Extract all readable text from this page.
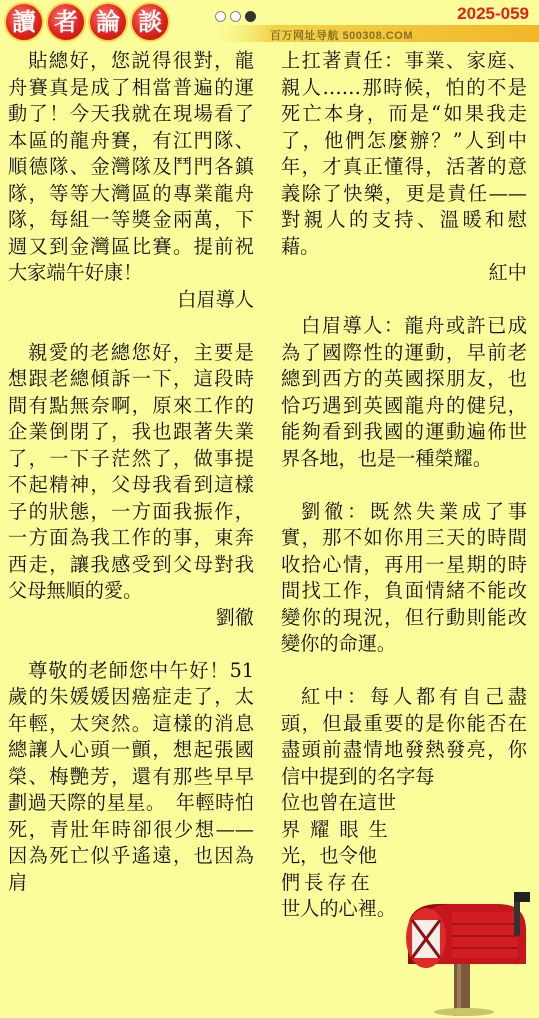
讀 者 論 談	2025-059
百万网址导航 500308.COM

貼總好，您説得很對，龍舟賽真是成了相當普遍的運動了！今天我就在現場看了本區的龍舟賽，有江門隊、順德隊、金灣隊及鬥門各鎮隊，等等大灣區的專業龍舟隊，每組一等獎金兩萬，下週又到金灣區比賽。提前祝大家端午好康！

白眉導人

親愛的老總您好，主要是想跟老總傾訴一下，這段時間有點無奈啊，原來工作的企業倒閉了，我也跟著失業了，一下子茫然了，做事提不起精神，父母我看到這樣子的狀態，一方面我振作，一方面為我工作的事，東奔西走，讓我感受到父母對我父母無順的愛。

劉徹

尊敬的老師您中午好！51歲的朱媛媛因癌症走了，太年輕，太突然。這樣的消息總讓人心頭一顫，想起張國榮、梅艷芳，還有那些早早劃過天際的星星。　年輕時怕死，青壯年時卻很少想——因為死亡似乎遙遠，也因為肩

上扛著責任：事業、家庭、親人……那時候，怕的不是死亡本身，而是“如果我走了，他們怎麼辦？”人到中年，才真正懂得，活著的意義除了快樂，更是責任——對親人的支持、溫暖和慰藉。

紅中

白眉導人：龍舟或許已成為了國際性的運動，早前老總到西方的英國探朋友，也恰巧遇到英國龍舟的健兒，能夠看到我國的運動遍佈世界各地，也是一種榮耀。

劉徹：既然失業成了事實，那不如你用三天的時間收拾心情，再用一星期的時間找工作，負面情緒不能改變你的現況，但行動則能改變你的命運。

紅中：每人都有自己盡頭，但最重要的是你能否在盡頭前盡情地發熱發亮，你信中提到的名字每

位也曾在這世

界耀眼生

光，也令他

們長存在

世人的心裡。
